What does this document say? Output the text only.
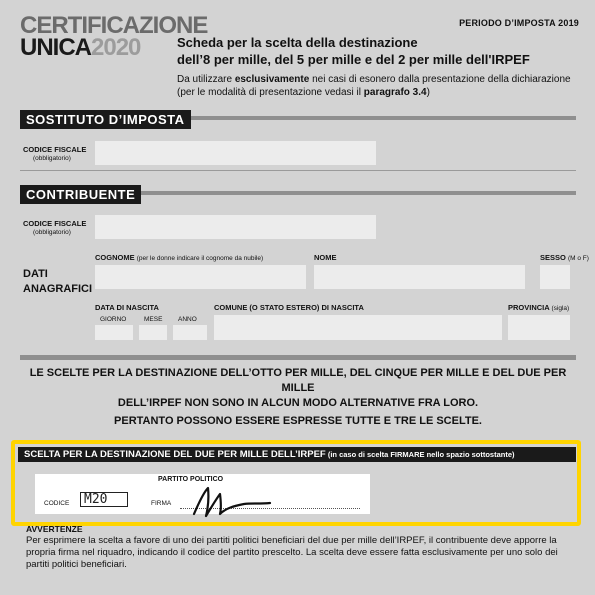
CERTIFICAZIONE
UNICA2020
PERIODO D’IMPOSTA 2019
Scheda per la scelta della destinazione
dell’8 per mille, del 5 per mille e del 2 per mille dell'IRPEF
Da utilizzare esclusivamente nei casi di esonero dalla presentazione della dichiarazione
(per le modalità di presentazione vedasi il paragrafo 3.4)
SOSTITUTO D’IMPOSTA
CODICE FISCALE
(obbligatorio)
CONTRIBUENTE
CODICE FISCALE
(obbligatorio)
DATI
ANAGRAFICI
COGNOME (per le donne indicare il cognome da nubile)	NOME	SESSO (M o F)
DATA DI NASCITA
GIORNO	MESE ANNO
COMUNE (O STATO ESTERO) DI NASCITA	PROVINCIA (sigla)
LE SCELTE PER LA DESTINAZIONE DELL’OTTO PER MILLE, DEL CINQUE PER MILLE E DEL DUE PER MILLE
DELL’IRPEF NON SONO IN ALCUN MODO ALTERNATIVE FRA LORO.
PERTANTO POSSONO ESSERE ESPRESSE TUTTE E TRE LE SCELTE.
SCELTA PER LA DESTINAZIONE DEL DUE PER MILLE DELL’IRPEF (in caso di scelta FIRMARE nello spazio sottostante)
PARTITO POLITICO
CODICE	M20	FIRMA
AVVERTENZE
Per esprimere la scelta a favore di uno dei partiti politici beneficiari del due per mille dell’IRPEF, il contribuente deve apporre la propria firma nel riquadro, indicando il codice del partito prescelto. La scelta deve essere fatta esclusivamente per uno solo dei partiti politici beneficiari.
